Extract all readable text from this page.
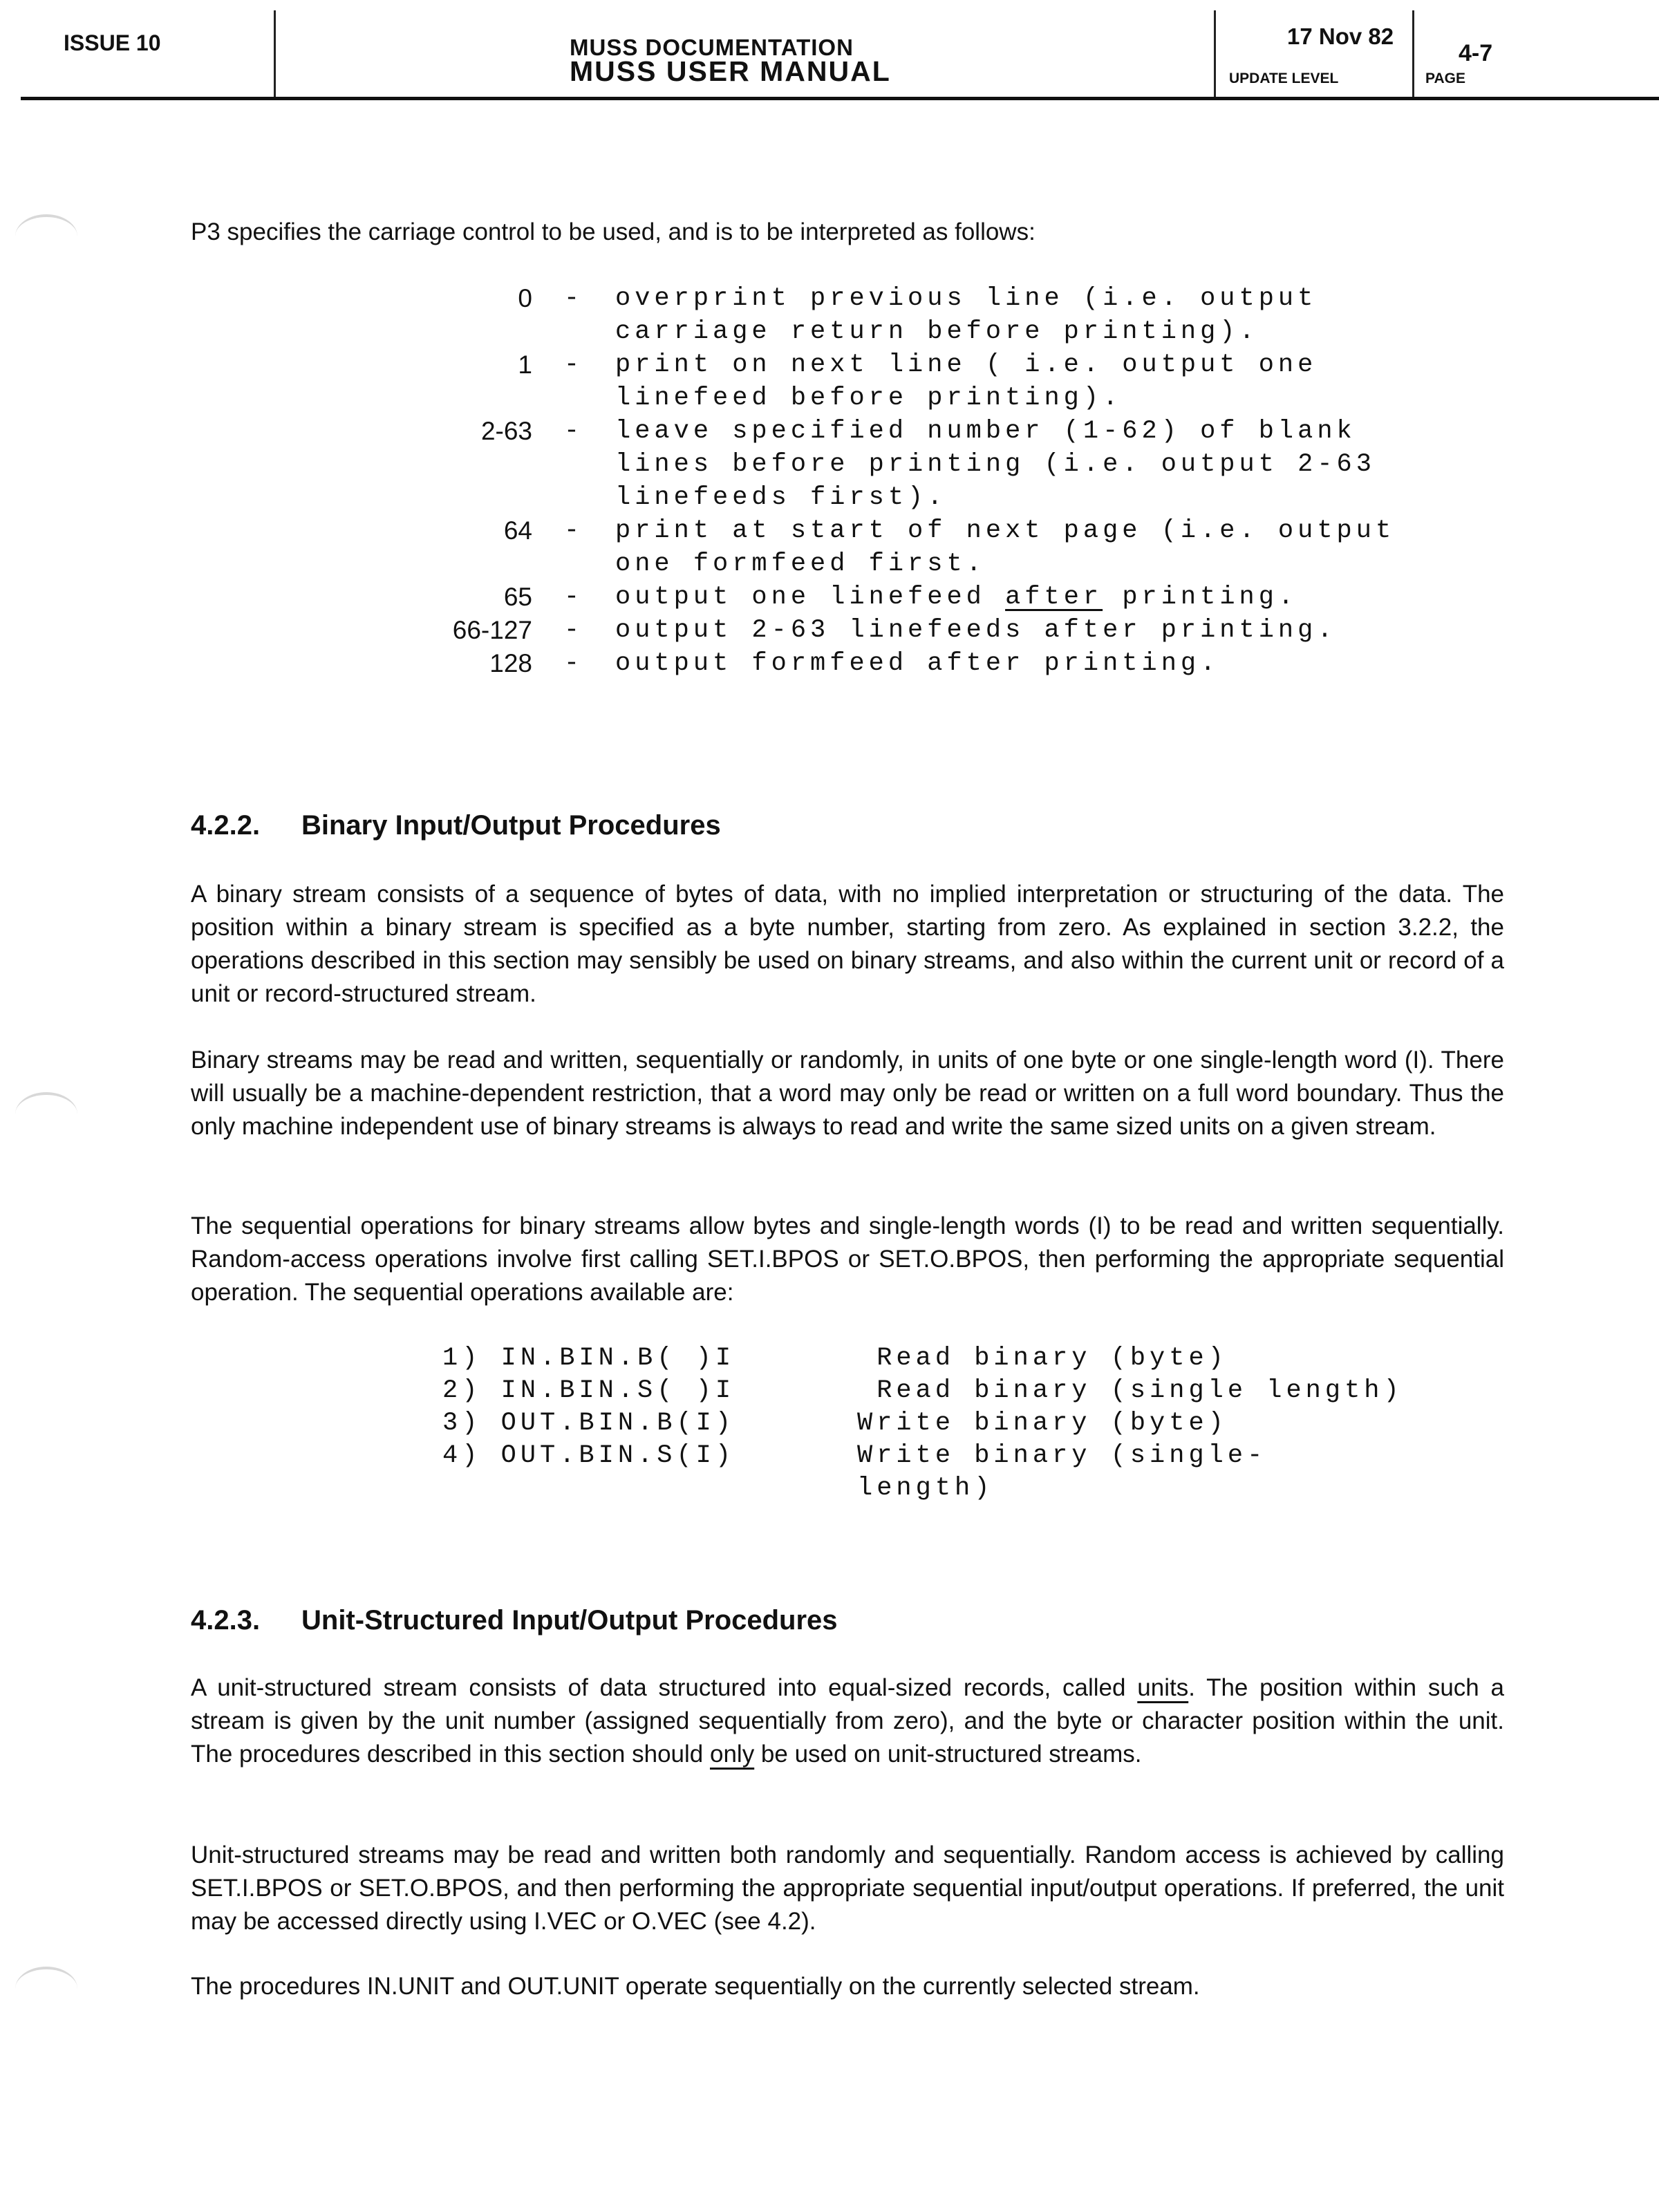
ISSUE 10	MUSS DOCUMENTATION
MUSS USER MANUAL
17 Nov 82
UPDATE LEVEL
4-7
PAGE
P3 specifies the carriage control to be used, and is to be interpreted as follows:
0	-	overprint previous line (i.e. output carriage return before printing).
1	-	print on next line ( i.e. output one linefeed before printing).
2-63	-	leave specified number (1-62) of blank lines before printing (i.e. output 2-63 linefeeds first).
64	-	print at start of next page (i.e. output one formfeed first.
65	-	output one linefeed after printing.
66-127	-	output 2-63 linefeeds after printing.
128	-	output formfeed after printing.
4.2.2. Binary Input/Output Procedures
A binary stream consists of a sequence of bytes of data, with no implied interpretation or structuring of the data. The position within a binary stream is specified as a byte number, starting from zero. As explained in section 3.2.2, the operations described in this section may sensibly be used on binary streams, and also within the current unit or record of a unit or record-structured stream.
Binary streams may be read and written, sequentially or randomly, in units of one byte or one single-length word (I). There will usually be a machine-dependent restriction, that a word may only be read or written on a full word boundary. Thus the only machine independent use of binary streams is always to read and write the same sized units on a given stream.
The sequential operations for binary streams allow bytes and single-length words (I) to be read and written sequentially. Random-access operations involve first calling SET.I.BPOS or SET.O.BPOS, then performing the appropriate sequential operation. The sequential operations available are:
1) IN.BIN.B( )I	Read binary (byte)
2) IN.BIN.S( )I	Read binary (single length)
3) OUT.BIN.B(I)	Write binary (byte)
4) OUT.BIN.S(I)	Write binary (single-length)
4.2.3. Unit-Structured Input/Output Procedures
A unit-structured stream consists of data structured into equal-sized records, called units. The position within such a stream is given by the unit number (assigned sequentially from zero), and the byte or character position within the unit. The procedures described in this section should only be used on unit-structured streams.
Unit-structured streams may be read and written both randomly and sequentially. Random access is achieved by calling SET.I.BPOS or SET.O.BPOS, and then performing the appropriate sequential input/output operations. If preferred, the unit may be accessed directly using I.VEC or O.VEC (see 4.2).
The procedures IN.UNIT and OUT.UNIT operate sequentially on the currently selected stream.
